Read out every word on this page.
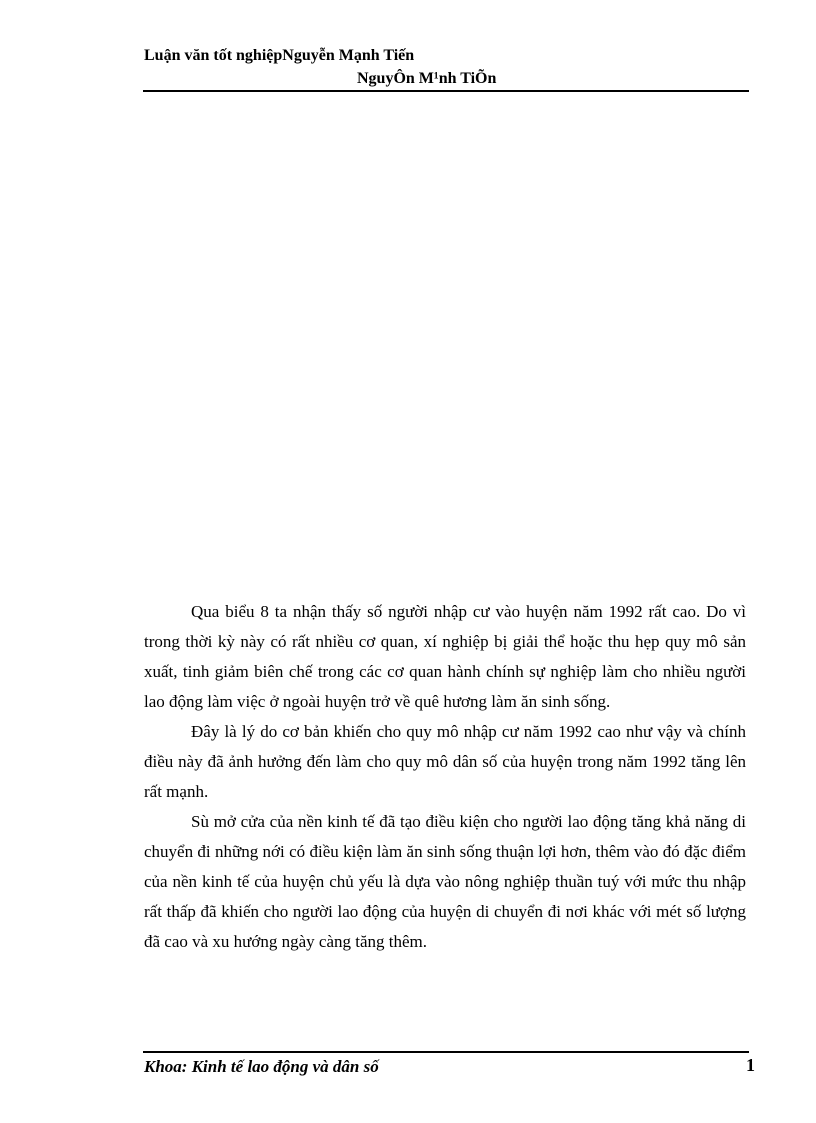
Luận văn tốt nghiệpNguyễn Mạnh Tiến
NguyÔn M¹nh TiÕn

Qua biểu 8 ta nhận thấy số người nhập cư vào huyện năm 1992 rất cao. Do vì trong thời kỳ này có rất nhiều cơ quan, xí nghiệp bị giải thể hoặc thu hẹp quy mô sản xuất, tinh giảm biên chế trong các cơ quan hành chính sự nghiệp làm cho nhiều người lao động làm việc ở ngoài huyện trở về quê hương làm ăn sinh sống.

Đây là lý do cơ bản khiến cho quy mô nhập cư năm 1992 cao như vậy và chính điều này đã ảnh hưởng đến làm cho quy mô dân số của huyện trong năm 1992 tăng lên rất mạnh.

Sù mở cửa của nền kinh tế đã tạo điều kiện cho người lao động tăng khả năng di chuyển đi những nới có điều kiện làm ăn sinh sống thuận lợi hơn, thêm vào đó đặc điểm của nền kinh tế của huyện chủ yếu là dựa vào nông nghiệp thuần tuý với mức thu nhập rất thấp đã khiến cho người lao động của huyện di chuyển đi nơi khác với mét số lượng đã cao và xu hướng ngày càng tăng thêm.

Khoa: Kinh tế lao động và dân số	1
